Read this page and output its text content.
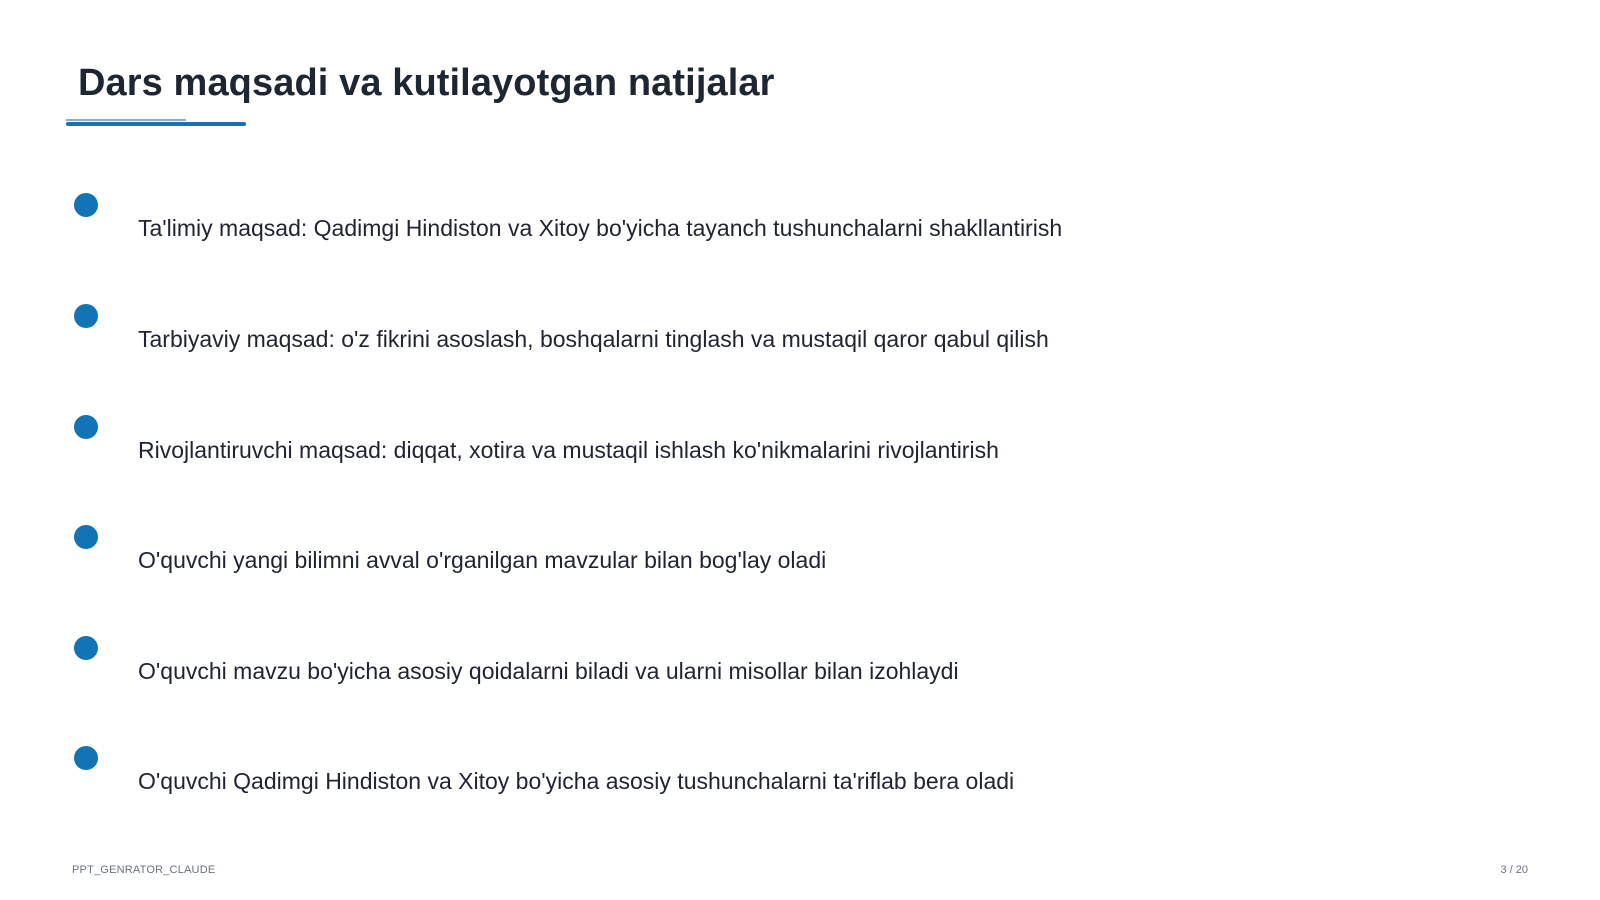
Dars maqsadi va kutilayotgan natijalar
Ta'limiy maqsad: Qadimgi Hindiston va Xitoy bo'yicha tayanch tushunchalarni shakllantirish
Tarbiyaviy maqsad: o'z fikrini asoslash, boshqalarni tinglash va mustaqil qaror qabul qilish
Rivojlantiruvchi maqsad: diqqat, xotira va mustaqil ishlash ko'nikmalarini rivojlantirish
O'quvchi yangi bilimni avval o'rganilgan mavzular bilan bog'lay oladi
O'quvchi mavzu bo'yicha asosiy qoidalarni biladi va ularni misollar bilan izohlaydi
O'quvchi Qadimgi Hindiston va Xitoy bo'yicha asosiy tushunchalarni ta'riflab bera oladi
PPT_GENRATOR_CLAUDE	3 / 20
